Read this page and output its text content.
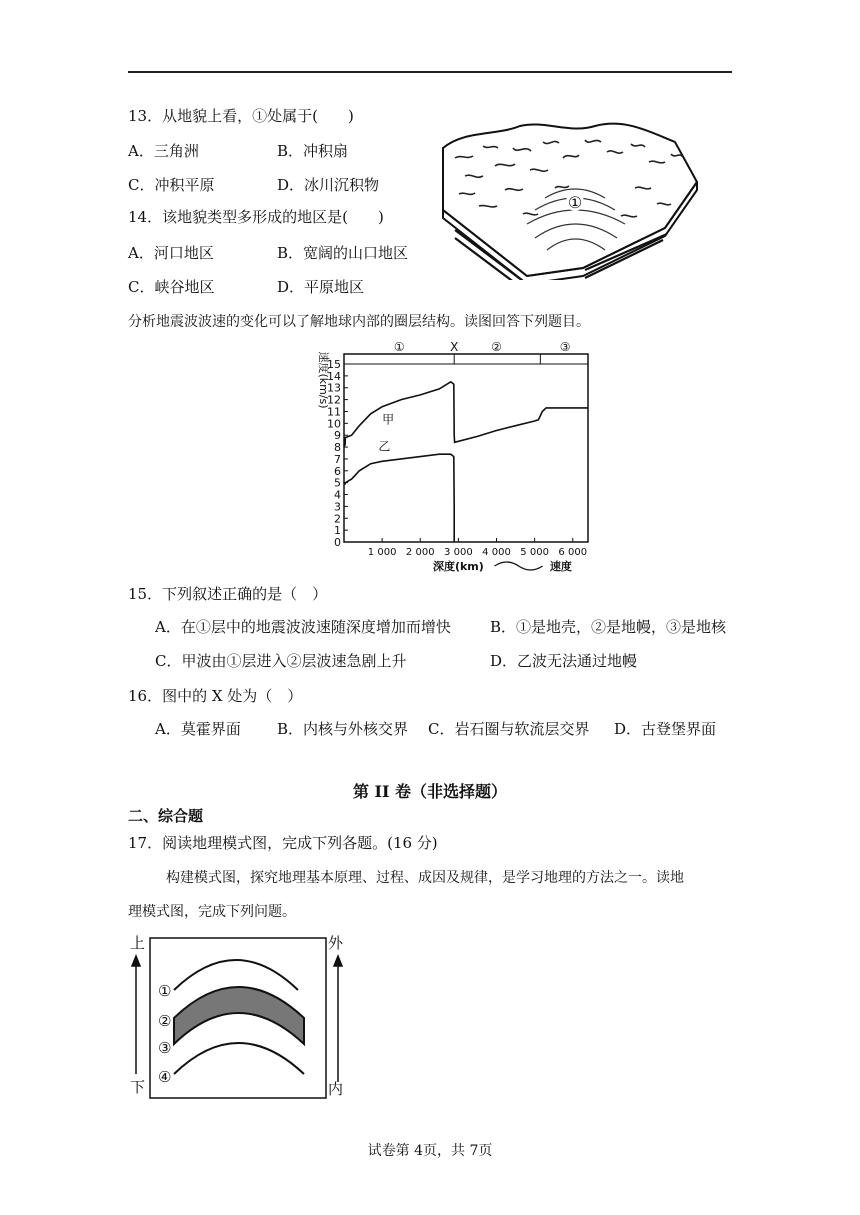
13．从地貌上看，①处属于(　　)
A．三角洲	B．冲积扇
C．冲积平原	D．冰川沉积物
14．该地貌类型多形成的地区是(　　)
A．河口地区	B．宽阔的山口地区
C．峡谷地区	D．平原地区
①
分析地震波波速的变化可以了解地球内部的圈层结构。读图回答下列题目。
①	X	②	③
0
1
2
3
4
5
6
7
8
9
10
11
12
13
14
15
1 000 2 000 3 000 4 000 5 000 6 000
速度(km/s)
深度(km)	速度
甲
乙
15．下列叙述正确的是（　）
A．在①层中的地震波波速随深度增加而增快	B．①是地壳，②是地幔，③是地核
C．甲波由①层进入②层波速急剧上升	D．乙波无法通过地幔
16．图中的 X 处为（　）
A．莫霍界面 B．内核与外核交界 C．岩石圈与软流层交界 D．古登堡界面
第 II 卷（非选择题）
二、综合题
17．阅读地理模式图，完成下列各题。(16 分)
构建模式图，探究地理基本原理、过程、成因及规律，是学习地理的方法之一。读地
理模式图，完成下列问题。
上
下
外
内
①
②
③
④
试卷第 4页，共 7页
